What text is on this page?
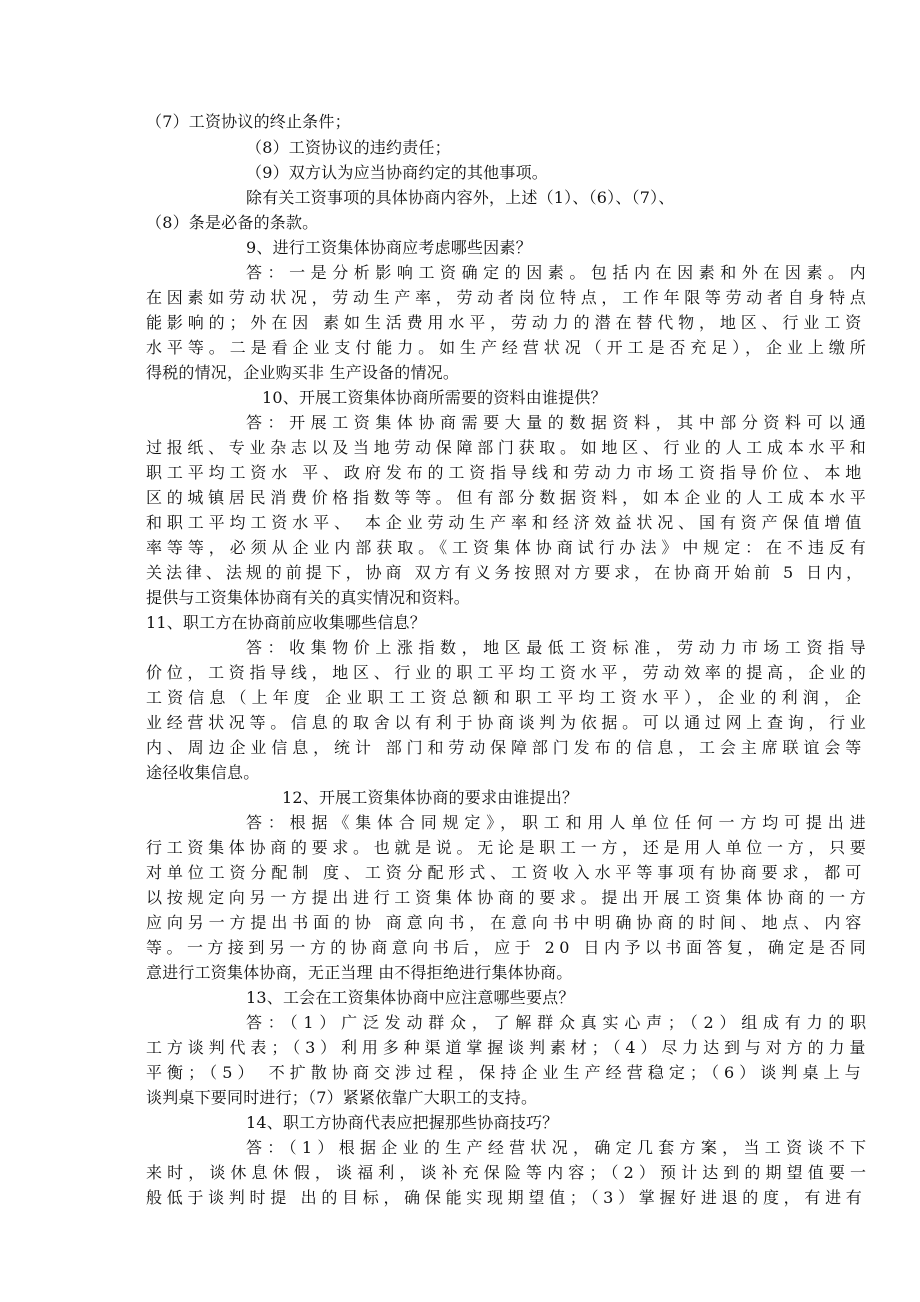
（7）工资协议的终止条件；
（8）工资协议的违约责任；
（9）双方认为应当协商约定的其他事项。
除有关工资事项的具体协商内容外，上述（1）、（6）、（7）、
（8）条是必备的条款。
9、进行工资集体协商应考虑哪些因素？
答：一是分析影响工资确定的因素。包括内在因素和外在因素。内
在因素如劳动状况，劳动生产率，劳动者岗位特点，工作年限等劳动者自身特点
能影响的；外在因 素如生活费用水平，劳动力的潜在替代物，地区、行业工资
水平等。二是看企业支付能力。如生产经营状况（开工是否充足），企业上缴所
得税的情况，企业购买非 生产设备的情况。
10、开展工资集体协商所需要的资料由谁提供？
答：开展工资集体协商需要大量的数据资料，其中部分资料可以通
过报纸、专业杂志以及当地劳动保障部门获取。如地区、行业的人工成本水平和
职工平均工资水 平、政府发布的工资指导线和劳动力市场工资指导价位、本地
区的城镇居民消费价格指数等等。但有部分数据资料，如本企业的人工成本水平
和职工平均工资水平、 本企业劳动生产率和经济效益状况、国有资产保值增值
率等等，必须从企业内部获取。《工资集体协商试行办法》中规定：在不违反有
关法律、法规的前提下，协商 双方有义务按照对方要求，在协商开始前 5 日内，
提供与工资集体协商有关的真实情况和资料。
11、职工方在协商前应收集哪些信息？
答：收集物价上涨指数，地区最低工资标准，劳动力市场工资指导
价位，工资指导线，地区、行业的职工平均工资水平，劳动效率的提高，企业的
工资信息（上年度 企业职工工资总额和职工平均工资水平），企业的利润，企
业经营状况等。信息的取舍以有利于协商谈判为依据。可以通过网上查询，行业
内、周边企业信息，统计 部门和劳动保障部门发布的信息，工会主席联谊会等
途径收集信息。
12、开展工资集体协商的要求由谁提出？
答：根据《集体合同规定》，职工和用人单位任何一方均可提出进
行工资集体协商的要求。也就是说。无论是职工一方，还是用人单位一方，只要
对单位工资分配制 度、工资分配形式、工资收入水平等事项有协商要求，都可
以按规定向另一方提出进行工资集体协商的要求。提出开展工资集体协商的一方
应向另一方提出书面的协 商意向书，在意向书中明确协商的时间、地点、内容
等。一方接到另一方的协商意向书后，应于 20 日内予以书面答复，确定是否同
意进行工资集体协商，无正当理 由不得拒绝进行集体协商。
13、工会在工资集体协商中应注意哪些要点？
答：（1）广泛发动群众，了解群众真实心声；（2）组成有力的职
工方谈判代表；（3）利用多种渠道掌握谈判素材；（4）尽力达到与对方的力量
平衡；（5） 不扩散协商交涉过程，保持企业生产经营稳定；（6）谈判桌上与
谈判桌下要同时进行；（7）紧紧依靠广大职工的支持。
14、职工方协商代表应把握那些协商技巧？
答：（1）根据企业的生产经营状况，确定几套方案，当工资谈不下
来时，谈休息休假，谈福利，谈补充保险等内容；（2）预计达到的期望值要一
般低于谈判时提 出的目标，确保能实现期望值；（3）掌握好进退的度，有进有
